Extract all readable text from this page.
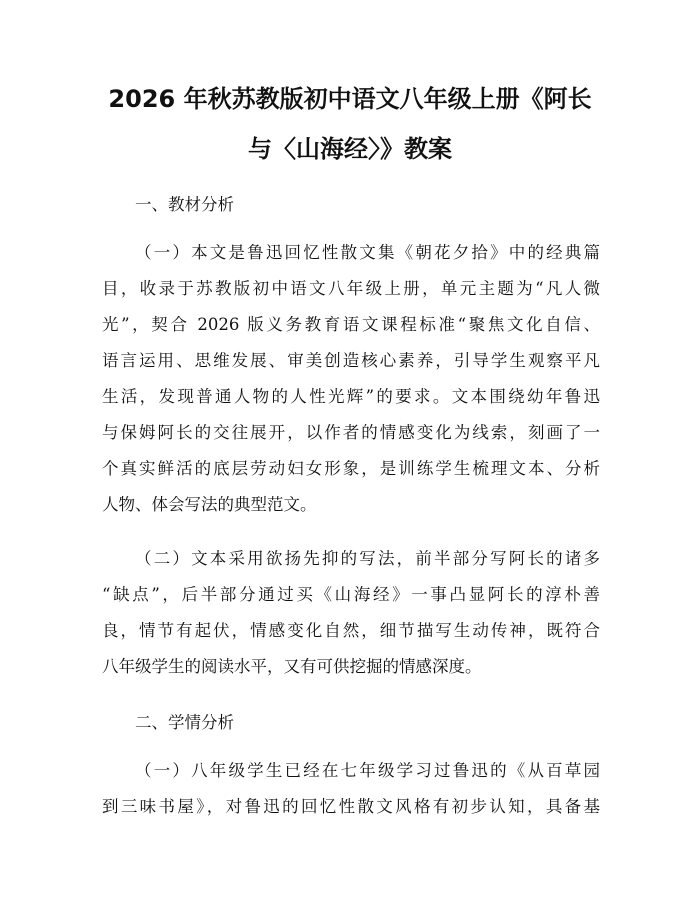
2026 年秋苏教版初中语文八年级上册《阿长
与〈山海经〉》教案
一、教材分析
（一）本文是鲁迅回忆性散文集《朝花夕拾》中的经典篇
目，收录于苏教版初中语文八年级上册，单元主题为“凡人微
光”，契合 2026 版义务教育语文课程标准“聚焦文化自信、
语言运用、思维发展、审美创造核心素养，引导学生观察平凡
生活，发现普通人物的人性光辉”的要求。文本围绕幼年鲁迅
与保姆阿长的交往展开，以作者的情感变化为线索，刻画了一
个真实鲜活的底层劳动妇女形象，是训练学生梳理文本、分析
人物、体会写法的典型范文。
（二）文本采用欲扬先抑的写法，前半部分写阿长的诸多
“缺点”，后半部分通过买《山海经》一事凸显阿长的淳朴善
良，情节有起伏，情感变化自然，细节描写生动传神，既符合
八年级学生的阅读水平，又有可供挖掘的情感深度。
二、学情分析
（一）八年级学生已经在七年级学习过鲁迅的《从百草园
到三味书屋》，对鲁迅的回忆性散文风格有初步认知，具备基
